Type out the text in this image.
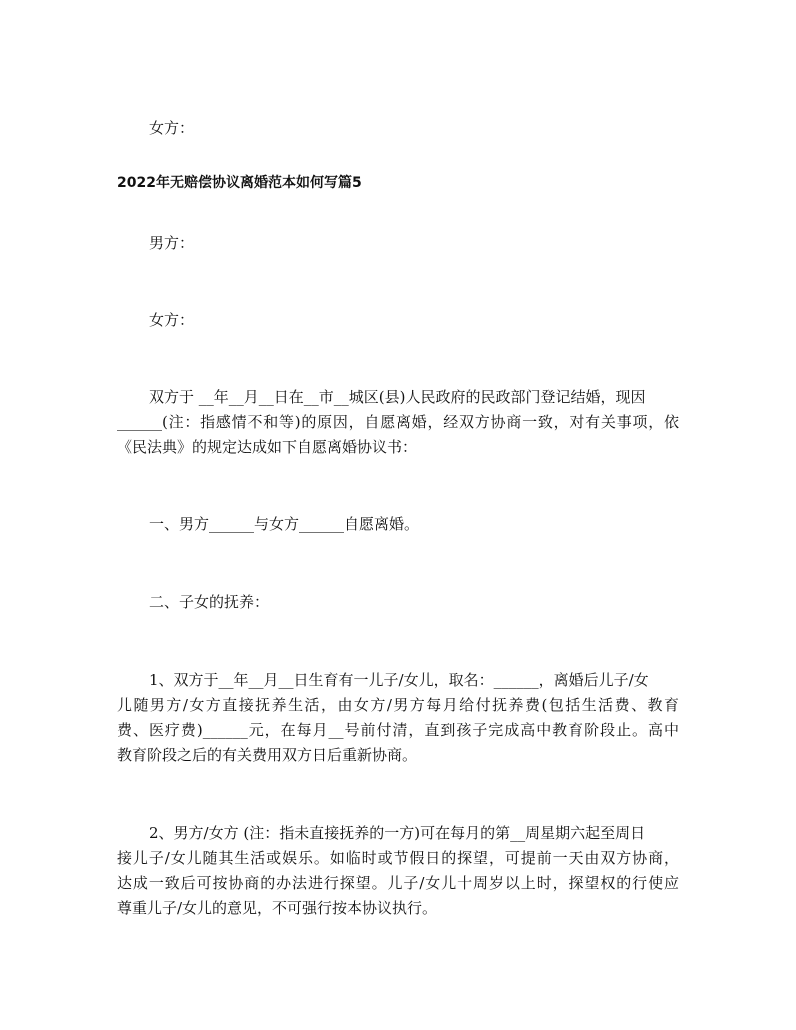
女方：
2022年无赔偿协议离婚范本如何写篇5
男方：
女方：
双方于 __年__月__日在__市__城区(县)人民政府的民政部门登记结婚，现因
______(注：指感情不和等)的原因，自愿离婚，经双方协商一致，对有关事项，依
《民法典》的规定达成如下自愿离婚协议书：
一、男方______与女方______自愿离婚。
二、子女的抚养：
1、双方于__年__月__日生育有一儿子/女儿，取名：______，离婚后儿子/女
儿随男方/女方直接抚养生活，由女方/男方每月给付抚养费(包括生活费、教育
费、医疗费)______元，在每月__号前付清，直到孩子完成高中教育阶段止。高中
教育阶段之后的有关费用双方日后重新协商。
2、男方/女方 (注：指未直接抚养的一方)可在每月的第__周星期六起至周日
接儿子/女儿随其生活或娱乐。如临时或节假日的探望，可提前一天由双方协商，
达成一致后可按协商的办法进行探望。儿子/女儿十周岁以上时，探望权的行使应
尊重儿子/女儿的意见，不可强行按本协议执行。
